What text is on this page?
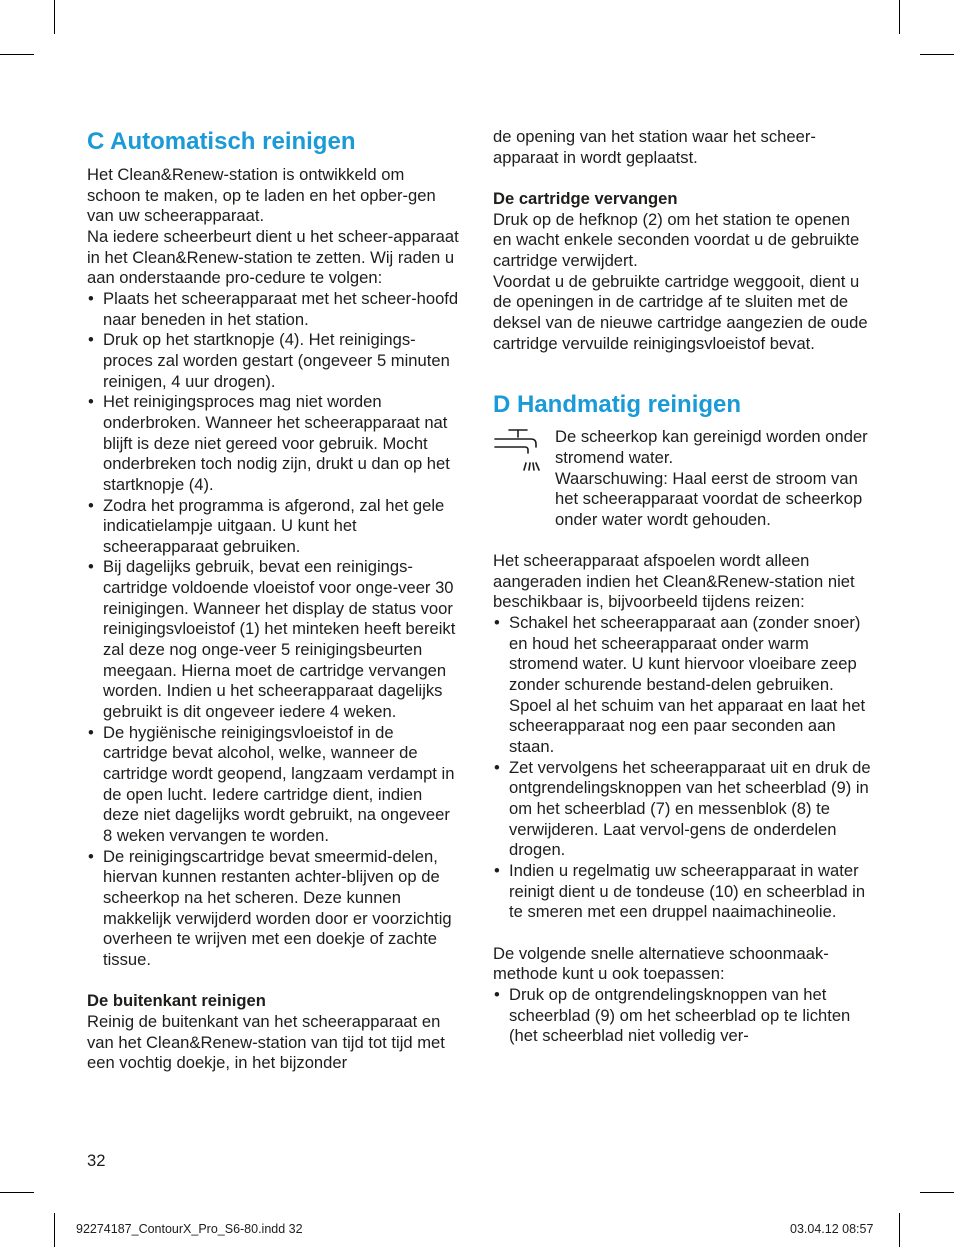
C Automatisch reinigen

Het Clean&Renew-station is ontwikkeld om schoon te maken, op te laden en het opber-gen van uw scheerapparaat.

Na iedere scheerbeurt dient u het scheer-apparaat in het Clean&Renew-station te zetten. Wij raden u aan onderstaande pro-cedure te volgen:

• Plaats het scheerapparaat met het scheer-hoofd naar beneden in het station.
• Druk op het startknopje (4). Het reinigings-proces zal worden gestart (ongeveer 5 minuten reinigen, 4 uur drogen).
• Het reinigingsproces mag niet worden onderbroken. Wanneer het scheerapparaat nat blijft is deze niet gereed voor gebruik. Mocht onderbreken toch nodig zijn, drukt u dan op het startknopje (4).
• Zodra het programma is afgerond, zal het gele indicatielampje uitgaan. U kunt het scheerapparaat gebruiken.
• Bij dagelijks gebruik, bevat een reinigings-cartridge voldoende vloeistof voor onge-veer 30 reinigingen. Wanneer het display de status voor reinigingsvloeistof (1) het minteken heeft bereikt zal deze nog onge-veer 5 reinigingsbeurten meegaan. Hierna moet de cartridge vervangen worden. Indien u het scheerapparaat dagelijks gebruikt is dit ongeveer iedere 4 weken.
• De hygiënische reinigingsvloeistof in de cartridge bevat alcohol, welke, wanneer de cartridge wordt geopend, langzaam verdampt in de open lucht. Iedere cartridge dient, indien deze niet dagelijks wordt gebruikt, na ongeveer 8 weken vervangen te worden.
• De reinigingscartridge bevat smeermid-delen, hiervan kunnen restanten achter-blijven op de scheerkop na het scheren. Deze kunnen makkelijk verwijderd worden door er voorzichtig overheen te wrijven met een doekje of zachte tissue.

De buitenkant reinigen

Reinig de buitenkant van het scheerapparaat en van het Clean&Renew-station van tijd tot tijd met een vochtig doekje, in het bijzonder

de opening van het station waar het scheer-apparaat in wordt geplaatst.

De cartridge vervangen

Druk op de hefknop (2) om het station te openen en wacht enkele seconden voordat u de gebruikte cartridge verwijdert.

Voordat u de gebruikte cartridge weggooit, dient u de openingen in de cartridge af te sluiten met de deksel van de nieuwe cartridge aangezien de oude cartridge vervuilde reinigingsvloeistof bevat.

D Handmatig reinigen

De scheerkop kan gereinigd worden onder stromend water.

Waarschuwing: Haal eerst de stroom van het scheerapparaat voordat de scheerkop onder water wordt gehouden.

Het scheerapparaat afspoelen wordt alleen aangeraden indien het Clean&Renew-station niet beschikbaar is, bijvoorbeeld tijdens reizen:

• Schakel het scheerapparaat aan (zonder snoer) en houd het scheerapparaat onder warm stromend water. U kunt hiervoor vloeibare zeep zonder schurende bestand-delen gebruiken. Spoel al het schuim van het apparaat en laat het scheerapparaat nog een paar seconden aan staan.
• Zet vervolgens het scheerapparaat uit en druk de ontgrendelingsknoppen van het scheerblad (9) in om het scheerblad (7) en messenblok (8) te verwijderen. Laat vervol-gens de onderdelen drogen.
• Indien u regelmatig uw scheerapparaat in water reinigt dient u de tondeuse (10) en scheerblad in te smeren met een druppel naaimachineolie.

De volgende snelle alternatieve schoonmaak-methode kunt u ook toepassen:

• Druk op de ontgrendelingsknoppen van het scheerblad (9) om het scheerblad op te lichten (het scheerblad niet volledig ver-
32
92274187_ContourX_Pro_S6-80.indd 32	03.04.12 08:57
